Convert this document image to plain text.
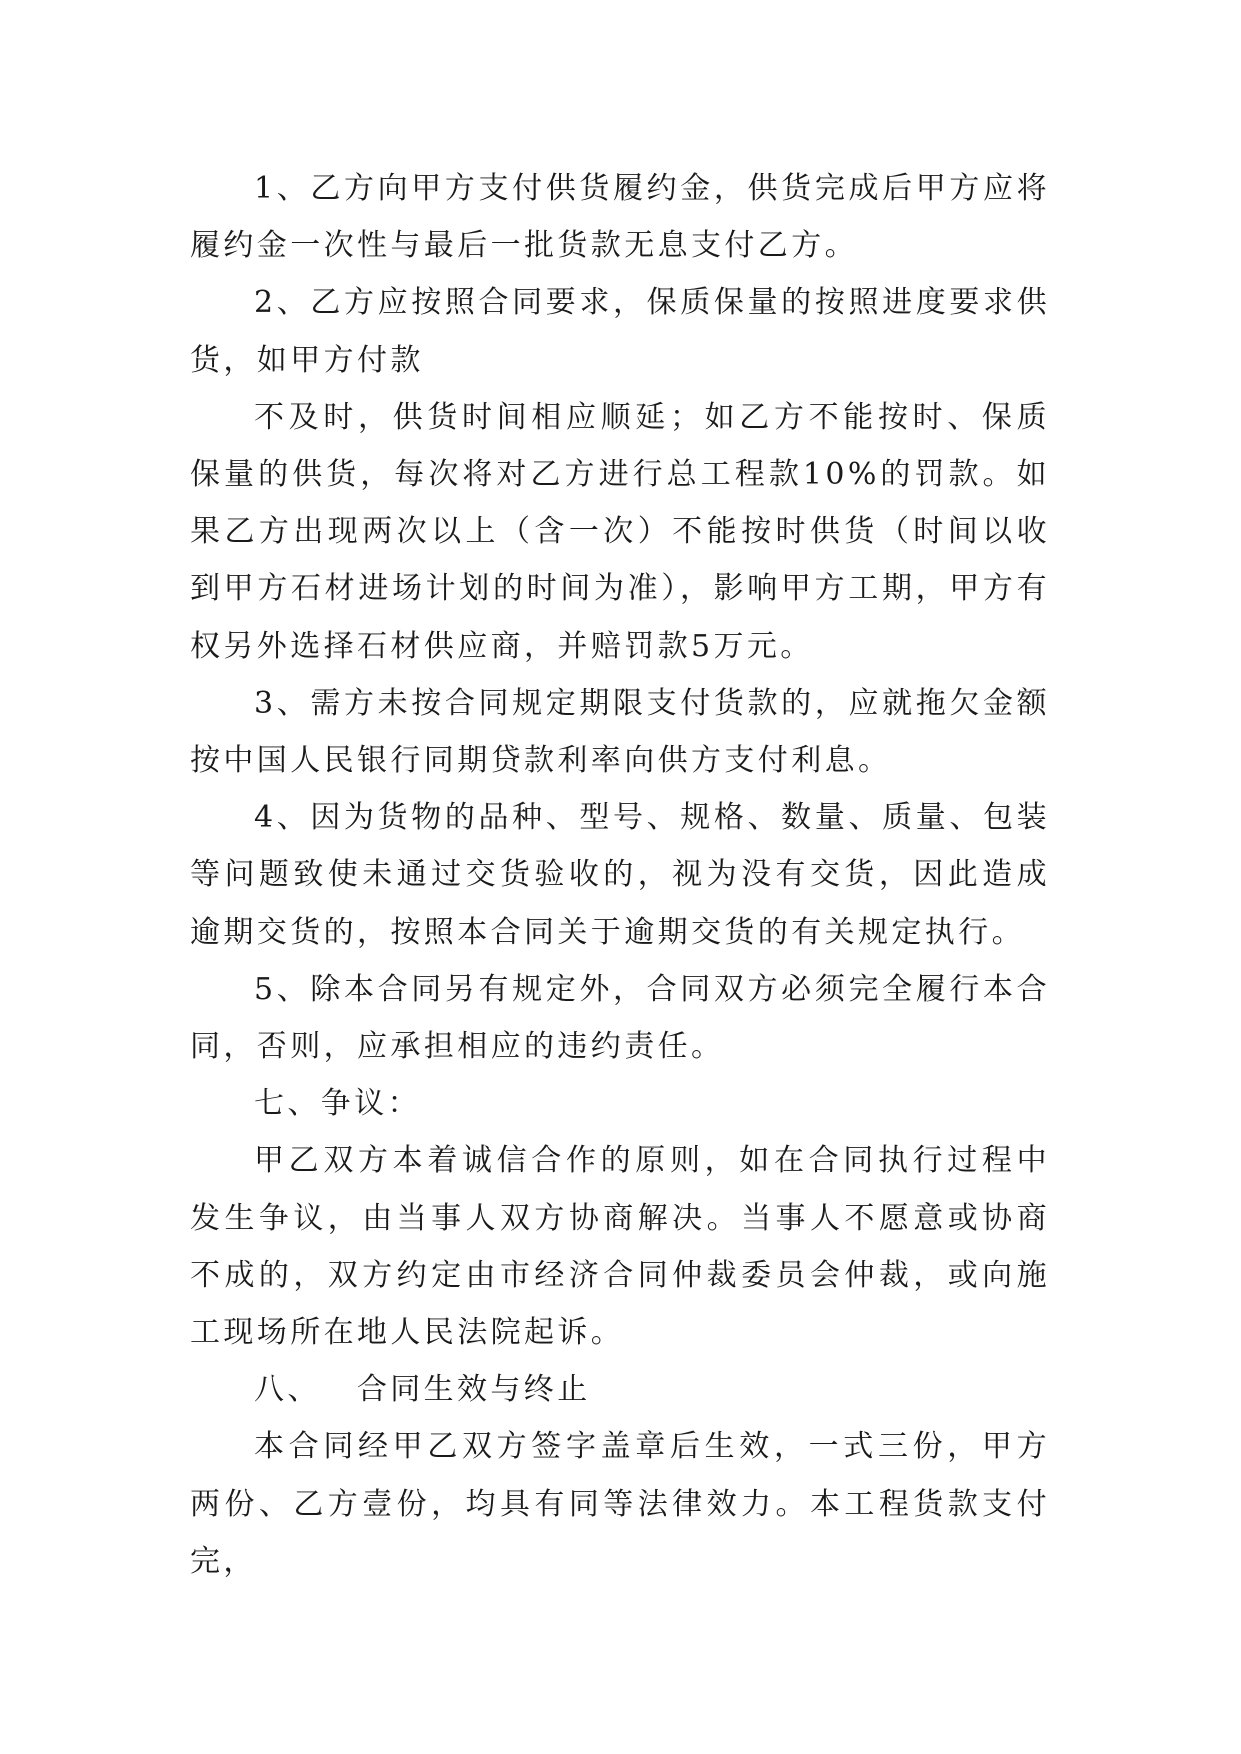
1、乙方向甲方支付供货履约金，供货完成后甲方应将履约金一次性与最后一批货款无息支付乙方。

2、乙方应按照合同要求，保质保量的按照进度要求供货，如甲方付款

不及时，供货时间相应顺延；如乙方不能按时、保质保量的供货，每次将对乙方进行总工程款10%的罚款。如果乙方出现两次以上（含一次）不能按时供货（时间以收到甲方石材进场计划的时间为准），影响甲方工期，甲方有权另外选择石材供应商，并赔罚款5万元。

3、需方未按合同规定期限支付货款的，应就拖欠金额按中国人民银行同期贷款利率向供方支付利息。

4、因为货物的品种、型号、规格、数量、质量、包装等问题致使未通过交货验收的，视为没有交货，因此造成逾期交货的，按照本合同关于逾期交货的有关规定执行。

5、除本合同另有规定外，合同双方必须完全履行本合同，否则，应承担相应的违约责任。

七、争议：

甲乙双方本着诚信合作的原则，如在合同执行过程中发生争议，由当事人双方协商解决。当事人不愿意或协商不成的，双方约定由市经济合同仲裁委员会仲裁，或向施工现场所在地人民法院起诉。

八、 合同生效与终止

本合同经甲乙双方签字盖章后生效，一式三份，甲方两份、乙方壹份，均具有同等法律效力。本工程货款支付完，
